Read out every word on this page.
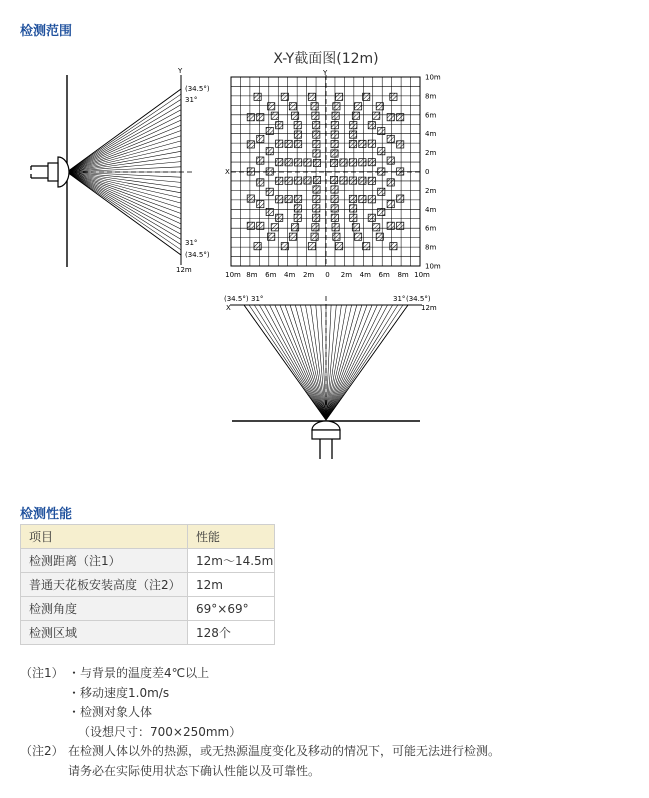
检测范围
Y
(34.5°)
31°
31°
(34.5°)
12m
X-Y截面图(12m)
Y
X
10m
8m
6m
4m
2m
0
2m
4m
6m
8m
10m
10m 8m 6m 4m 2m 0 2m 4m 6m 8m 10m
X
(34.5°) 31°	31° (34.5°)
12m
检测性能
项目	性能
检测距离（注1）	12m～14.5m
普通天花板安装高度（注2）	12m
检测角度	69°×69°
检测区域	128个
（注1） ・与背景的温度差4℃以上
・移动速度1.0m/s
・检测对象人体
（设想尺寸：700×250mm）
（注2） 在检测人体以外的热源，或无热源温度变化及移动的情况下，可能无法进行检测。
请务必在实际使用状态下确认性能以及可靠性。
